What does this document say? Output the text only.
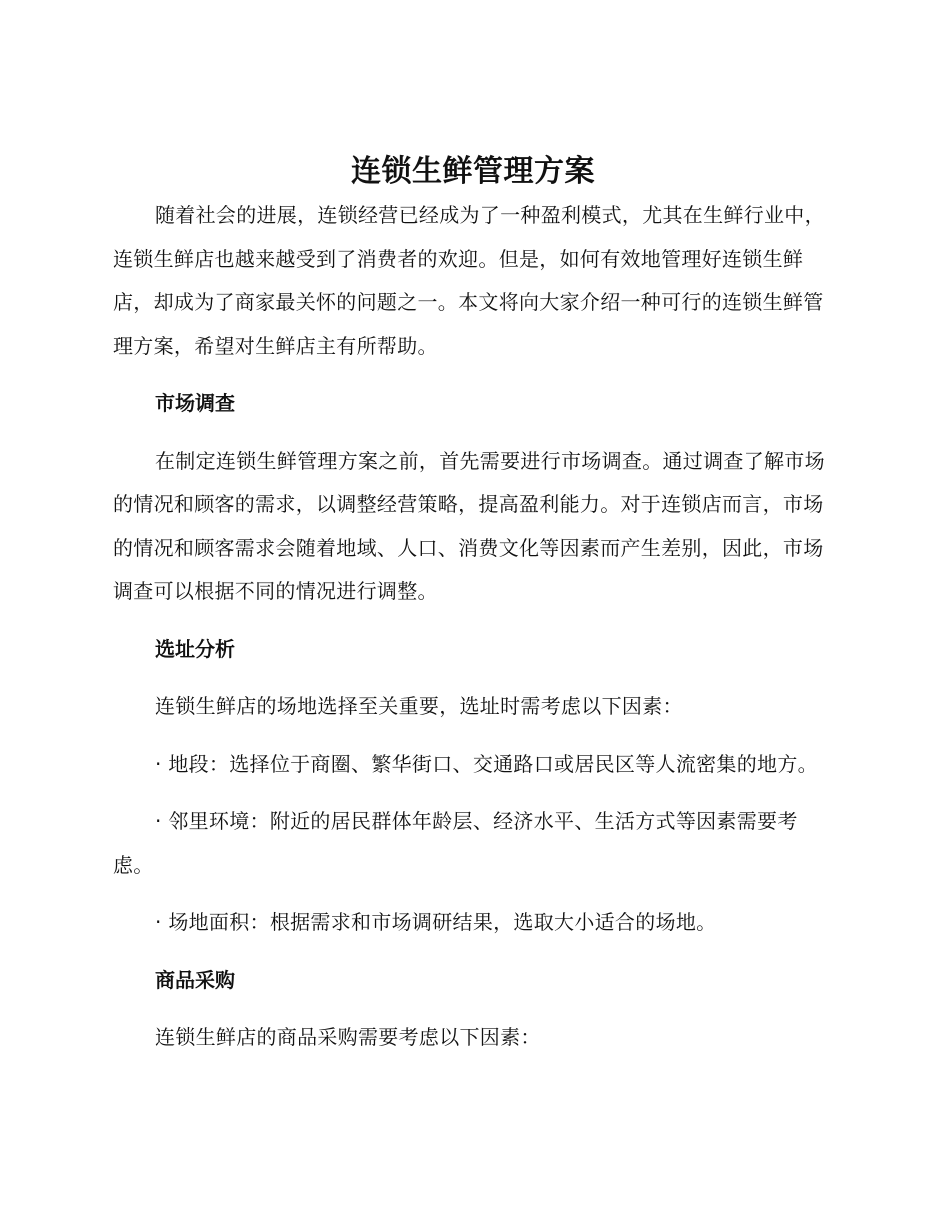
连锁生鲜管理方案

随着社会的进展，连锁经营已经成为了一种盈利模式，尤其在生鲜行业中，连锁生鲜店也越来越受到了消费者的欢迎。但是，如何有效地管理好连锁生鲜店，却成为了商家最关怀的问题之一。本文将向大家介绍一种可行的连锁生鲜管理方案，希望对生鲜店主有所帮助。

市场调查

在制定连锁生鲜管理方案之前，首先需要进行市场调查。通过调查了解市场的情况和顾客的需求，以调整经营策略，提高盈利能力。对于连锁店而言，市场的情况和顾客需求会随着地域、人口、消费文化等因素而产生差别，因此，市场调查可以根据不同的情况进行调整。

选址分析

连锁生鲜店的场地选择至关重要，选址时需考虑以下因素：

· 地段：选择位于商圈、繁华街口、交通路口或居民区等人流密集的地方。

· 邻里环境：附近的居民群体年龄层、经济水平、生活方式等因素需要考虑。

· 场地面积：根据需求和市场调研结果，选取大小适合的场地。

商品采购

连锁生鲜店的商品采购需要考虑以下因素：
